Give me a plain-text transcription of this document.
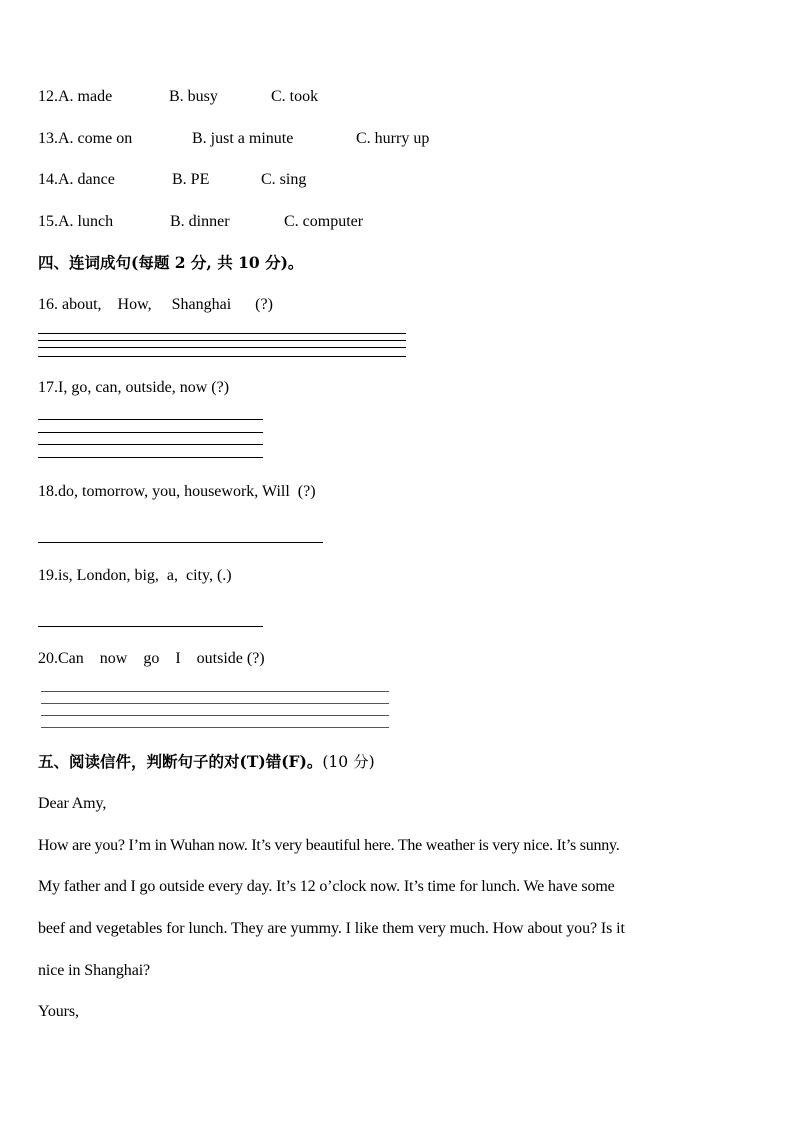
12.A. made	B. busy	C. took
13.A. come on	B. just a minute	C. hurry up
14.A. dance	B. PE	C. sing
15.A. lunch	B. dinner	C. computer
四、连词成句(每题 2 分, 共 10 分)。
16. about,    How,     Shanghai      (?)
17.I, go, can, outside, now (?)
18.do, tomorrow, you, housework, Will  (?)
19.is, London, big,  a,  city, (.)
20.Can    now    go    I    outside (?)
五、阅读信件，判断句子的对(T)错(F)。(10 分)
Dear Amy,
How are you? I’m in Wuhan now. It’s very beautiful here. The weather is very nice. It’s sunny.
My father and I go outside every day. It’s 12 o’clock now. It’s time for lunch. We have some
beef and vegetables for lunch. They are yummy. I like them very much. How about you? Is it
nice in Shanghai?
Yours,
